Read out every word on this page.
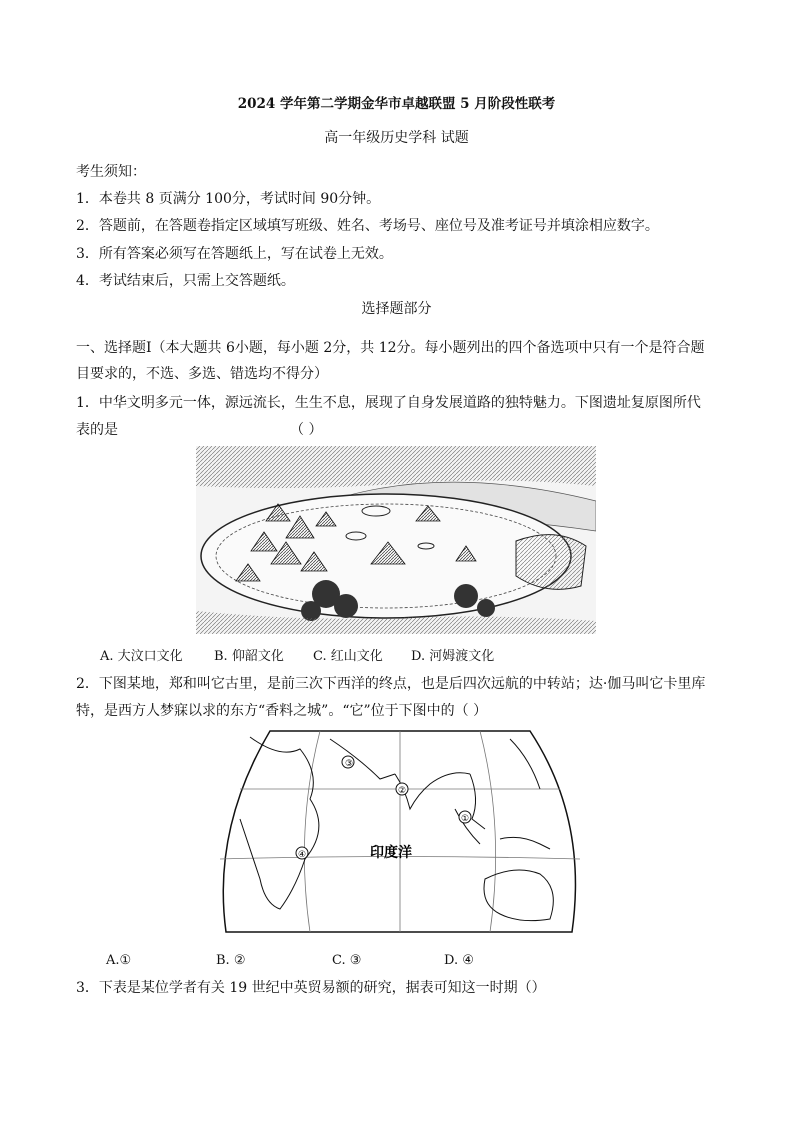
2024 学年第二学期金华市卓越联盟 5 月阶段性联考
高一年级历史学科 试题
考生须知：
1．本卷共 8 页满分 100分，考试时间 90分钟。
2．答题前，在答题卷指定区域填写班级、姓名、考场号、座位号及准考证号并填涂相应数字。
3．所有答案必须写在答题纸上，写在试卷上无效。
4．考试结束后，只需上交答题纸。
选择题部分
一、选择题Ⅰ（本大题共 6小题，每小题 2分，共 12分。每小题列出的四个备选项中只有一个是符合题
目要求的，不选、多选、错选均不得分）
1．中华文明多元一体，源远流长，生生不息，展现了自身发展道路的独特魅力。下图遗址复原图所代
表的是	（ ）
A. 大汶口文化 B. 仰韶文化 C. 红山文化 D. 河姆渡文化
2．下图某地，郑和叫它古里，是前三次下西洋的终点，也是后四次远航的中转站；达·伽马叫它卡里库
特，是西方人梦寐以求的东方“香料之城”。“它”位于下图中的（ ）
③
②
①
④	印度洋
A.①	B. ②	C. ③	D. ④
3．下表是某位学者有关 19 世纪中英贸易额的研究，据表可知这一时期（）
